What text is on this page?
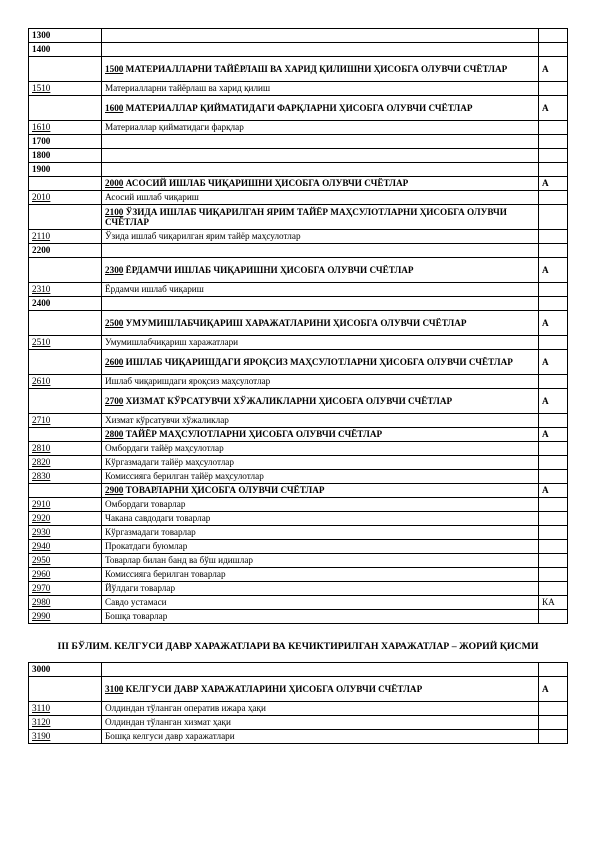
1300		
1400		
	1500 МАТЕРИАЛЛАРНИ ТАЙЁРЛАШ ВА ХАРИД ҚИЛИШНИ ҲИСОБГА ОЛУВЧИ СЧЁТЛАР	A
1510	Материалларни тайёрлаш ва харид қилиш	
	1600 МАТЕРИАЛЛАР ҚИЙМАТИДАГИ ФАРҚЛАРНИ ҲИСОБГА ОЛУВЧИ СЧЁТЛАР	A
1610	Материаллар қийматидаги фарқлар	
1700		
1800		
1900		
	2000 АСОСИЙ ИШЛАБ ЧИҚАРИШНИ ҲИСОБГА ОЛУВЧИ СЧЁТЛАР	A
2010	Асосий ишлаб чиқариш	
	2100 ЎЗИДА ИШЛАБ ЧИҚАРИЛГАН ЯРИМ ТАЙЁР МАҲСУЛОТЛАРНИ ҲИСОБГА ОЛУВЧИ СЧЁТЛАР	
2110	Ўзида ишлаб чиқарилган ярим тайёр маҳсулотлар	
2200		
	2300 ЁРДАМЧИ ИШЛАБ ЧИҚАРИШНИ ҲИСОБГА ОЛУВЧИ СЧЁТЛАР	A
2310	Ёрдамчи ишлаб чиқариш	
2400		
	2500 УМУМИШЛАБЧИҚАРИШ ХАРАЖАТЛАРИНИ ҲИСОБГА ОЛУВЧИ СЧЁТЛАР	A
2510	Умумишлабчиқариш харажатлари	
	2600 ИШЛАБ ЧИҚАРИШДАГИ ЯРОҚСИЗ МАҲСУЛОТЛАРНИ ҲИСОБГА ОЛУВЧИ СЧЁТЛАР	A
2610	Ишлаб чиқаришдаги яроқсиз маҳсулотлар	
	2700 ХИЗМАТ КЎРСАТУВЧИ ХЎЖАЛИКЛАРНИ ҲИСОБГА ОЛУВЧИ СЧЁТЛАР	A
2710	Хизмат кўрсатувчи хўжаликлар	
	2800 ТАЙЁР МАҲСУЛОТЛАРНИ ҲИСОБГА ОЛУВЧИ СЧЁТЛАР	A
2810	Омбордаги тайёр маҳсулотлар	
2820	Кўргазмадаги тайёр маҳсулотлар	
2830	Комиссияга берилган тайёр маҳсулотлар	
	2900 ТОВАРЛАРНИ ҲИСОБГА ОЛУВЧИ СЧЁТЛАР	A
2910	Омбордаги товарлар	
2920	Чакана савдодаги товарлар	
2930	Кўргазмадаги товарлар	
2940	Прокатдаги буюмлар	
2950	Товарлар билан банд ва бўш идишлар	
2960	Комиссияга берилган товарлар	
2970	Йўлдаги товарлар	
2980	Савдо устамаси	КА
2990	Бошқа товарлар	
III БЎЛИМ. КЕЛГУСИ ДАВР ХАРАЖАТЛАРИ ВА КЕЧИКТИРИЛГАН ХАРАЖАТЛАР – ЖОРИЙ ҚИСМИ
3000		
	3100 КЕЛГУСИ ДАВР ХАРАЖАТЛАРИНИ ҲИСОБГА ОЛУВЧИ СЧЁТЛАР	A
3110	Олдиндан тўланган оператив ижара ҳақи	
3120	Олдиндан тўланган хизмат ҳақи	
3190	Бошқа келгуси давр харажатлари	
